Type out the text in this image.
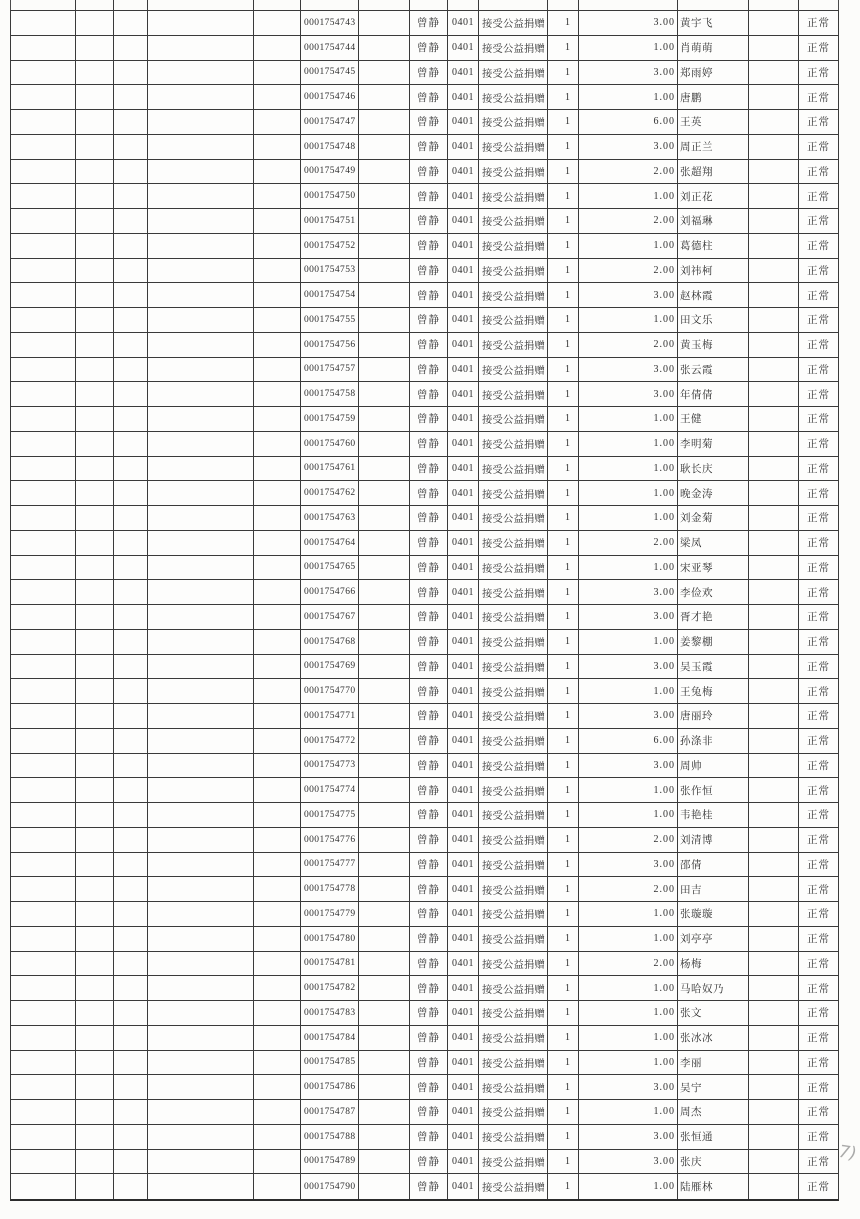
0001754743	曾静	0401 接受公益捐赠	1	3.00 黄宇飞	正常
0001754744	曾静	0401 接受公益捐赠	1	1.00 肖萌萌	正常
0001754745	曾静	0401 接受公益捐赠	1	3.00 郑雨婷	正常
0001754746	曾静	0401 接受公益捐赠	1	1.00 唐鹏	正常
0001754747	曾静	0401 接受公益捐赠	1	6.00 王英	正常
0001754748	曾静	0401 接受公益捐赠	1	3.00 周正兰	正常
0001754749	曾静	0401 接受公益捐赠	1	2.00 张超翔	正常
0001754750	曾静	0401 接受公益捐赠	1	1.00 刘正花	正常
0001754751	曾静	0401 接受公益捐赠	1	2.00 刘福琳	正常
0001754752	曾静	0401 接受公益捐赠	1	1.00 葛德柱	正常
0001754753	曾静	0401 接受公益捐赠	1	2.00 刘祎柯	正常
0001754754	曾静	0401 接受公益捐赠	1	3.00 赵林霞	正常
0001754755	曾静	0401 接受公益捐赠	1	1.00 田文乐	正常
0001754756	曾静	0401 接受公益捐赠	1	2.00 黄玉梅	正常
0001754757	曾静	0401 接受公益捐赠	1	3.00 张云霞	正常
0001754758	曾静	0401 接受公益捐赠	1	3.00 年倩倩	正常
0001754759	曾静	0401 接受公益捐赠	1	1.00 王健	正常
0001754760	曾静	0401 接受公益捐赠	1	1.00 李明菊	正常
0001754761	曾静	0401 接受公益捐赠	1	1.00 耿长庆	正常
0001754762	曾静	0401 接受公益捐赠	1	1.00 晚金涛	正常
0001754763	曾静	0401 接受公益捐赠	1	1.00 刘金菊	正常
0001754764	曾静	0401 接受公益捐赠	1	2.00 梁凤	正常
0001754765	曾静	0401 接受公益捐赠	1	1.00 宋亚琴	正常
0001754766	曾静	0401 接受公益捐赠	1	3.00 李俭欢	正常
0001754767	曾静	0401 接受公益捐赠	1	3.00 胥才艳	正常
0001754768	曾静	0401 接受公益捐赠	1	1.00 姜黎棚	正常
0001754769	曾静	0401 接受公益捐赠	1	3.00 吴玉霞	正常
0001754770	曾静	0401 接受公益捐赠	1	1.00 王兔梅	正常
0001754771	曾静	0401 接受公益捐赠	1	3.00 唐丽玲	正常
0001754772	曾静	0401 接受公益捐赠	1	6.00 孙涤非	正常
0001754773	曾静	0401 接受公益捐赠	1	3.00 周帅	正常
0001754774	曾静	0401 接受公益捐赠	1	1.00 张作恒	正常
0001754775	曾静	0401 接受公益捐赠	1	1.00 韦艳桂	正常
0001754776	曾静	0401 接受公益捐赠	1	2.00 刘清博	正常
0001754777	曾静	0401 接受公益捐赠	1	3.00 邵倩	正常
0001754778	曾静	0401 接受公益捐赠	1	2.00 田吉	正常
0001754779	曾静	0401 接受公益捐赠	1	1.00 张璇璇	正常
0001754780	曾静	0401 接受公益捐赠	1	1.00 刘亭亭	正常
0001754781	曾静	0401 接受公益捐赠	1	2.00 杨梅	正常
0001754782	曾静	0401 接受公益捐赠	1	1.00 马哈奴乃	正常
0001754783	曾静	0401 接受公益捐赠	1	1.00 张文	正常
0001754784	曾静	0401 接受公益捐赠	1	1.00 张冰冰	正常
0001754785	曾静	0401 接受公益捐赠	1	1.00 李丽	正常
0001754786	曾静	0401 接受公益捐赠	1	3.00 吴宁	正常
0001754787	曾静	0401 接受公益捐赠	1	1.00 周杰	正常
0001754788	曾静	0401 接受公益捐赠	1	3.00 张恒通	正常
0001754789	曾静	0401 接受公益捐赠	1	3.00 张庆	正常
0001754790	曾静	0401 接受公益捐赠	1	1.00 陆雁林	正常
7)
